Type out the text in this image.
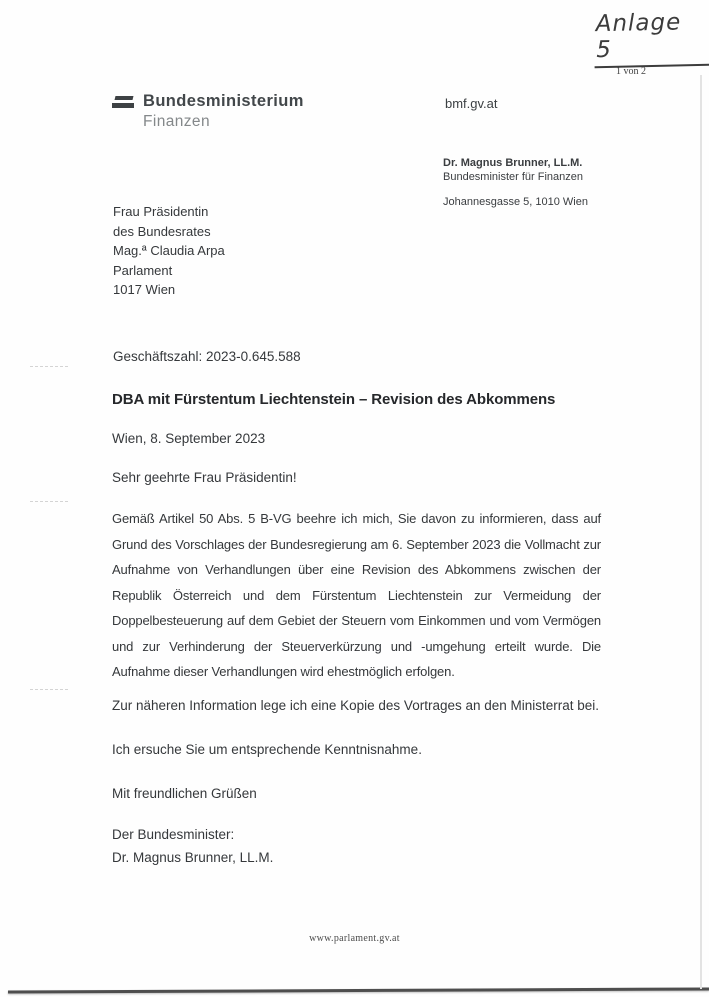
Anlage 5
1 von 2
Bundesministerium
Finanzen
bmf.gv.at
Dr. Magnus Brunner, LL.M.
Bundesminister für Finanzen
Johannesgasse 5, 1010 Wien
Frau Präsidentin
des Bundesrates
Mag.ª Claudia Arpa
Parlament
1017 Wien
Geschäftszahl: 2023-0.645.588
DBA mit Fürstentum Liechtenstein – Revision des Abkommens
Wien, 8. September 2023
Sehr geehrte Frau Präsidentin!
Gemäß Artikel 50 Abs. 5 B-VG beehre ich mich, Sie davon zu informieren, dass auf Grund des Vorschlages der Bundesregierung am 6. September 2023 die Vollmacht zur Aufnahme von Verhandlungen über eine Revision des Abkommens zwischen der Republik Österreich und dem Fürstentum Liechtenstein zur Vermeidung der Doppelbesteuerung auf dem Gebiet der Steuern vom Einkommen und vom Vermögen und zur Verhinderung der Steuerverkürzung und -umgehung erteilt wurde. Die Aufnahme dieser Verhandlungen wird ehestmöglich erfolgen.
Zur näheren Information lege ich eine Kopie des Vortrages an den Ministerrat bei.
Ich ersuche Sie um entsprechende Kenntnisnahme.
Mit freundlichen Grüßen
Der Bundesminister:
Dr. Magnus Brunner, LL.M.
www.parlament.gv.at
